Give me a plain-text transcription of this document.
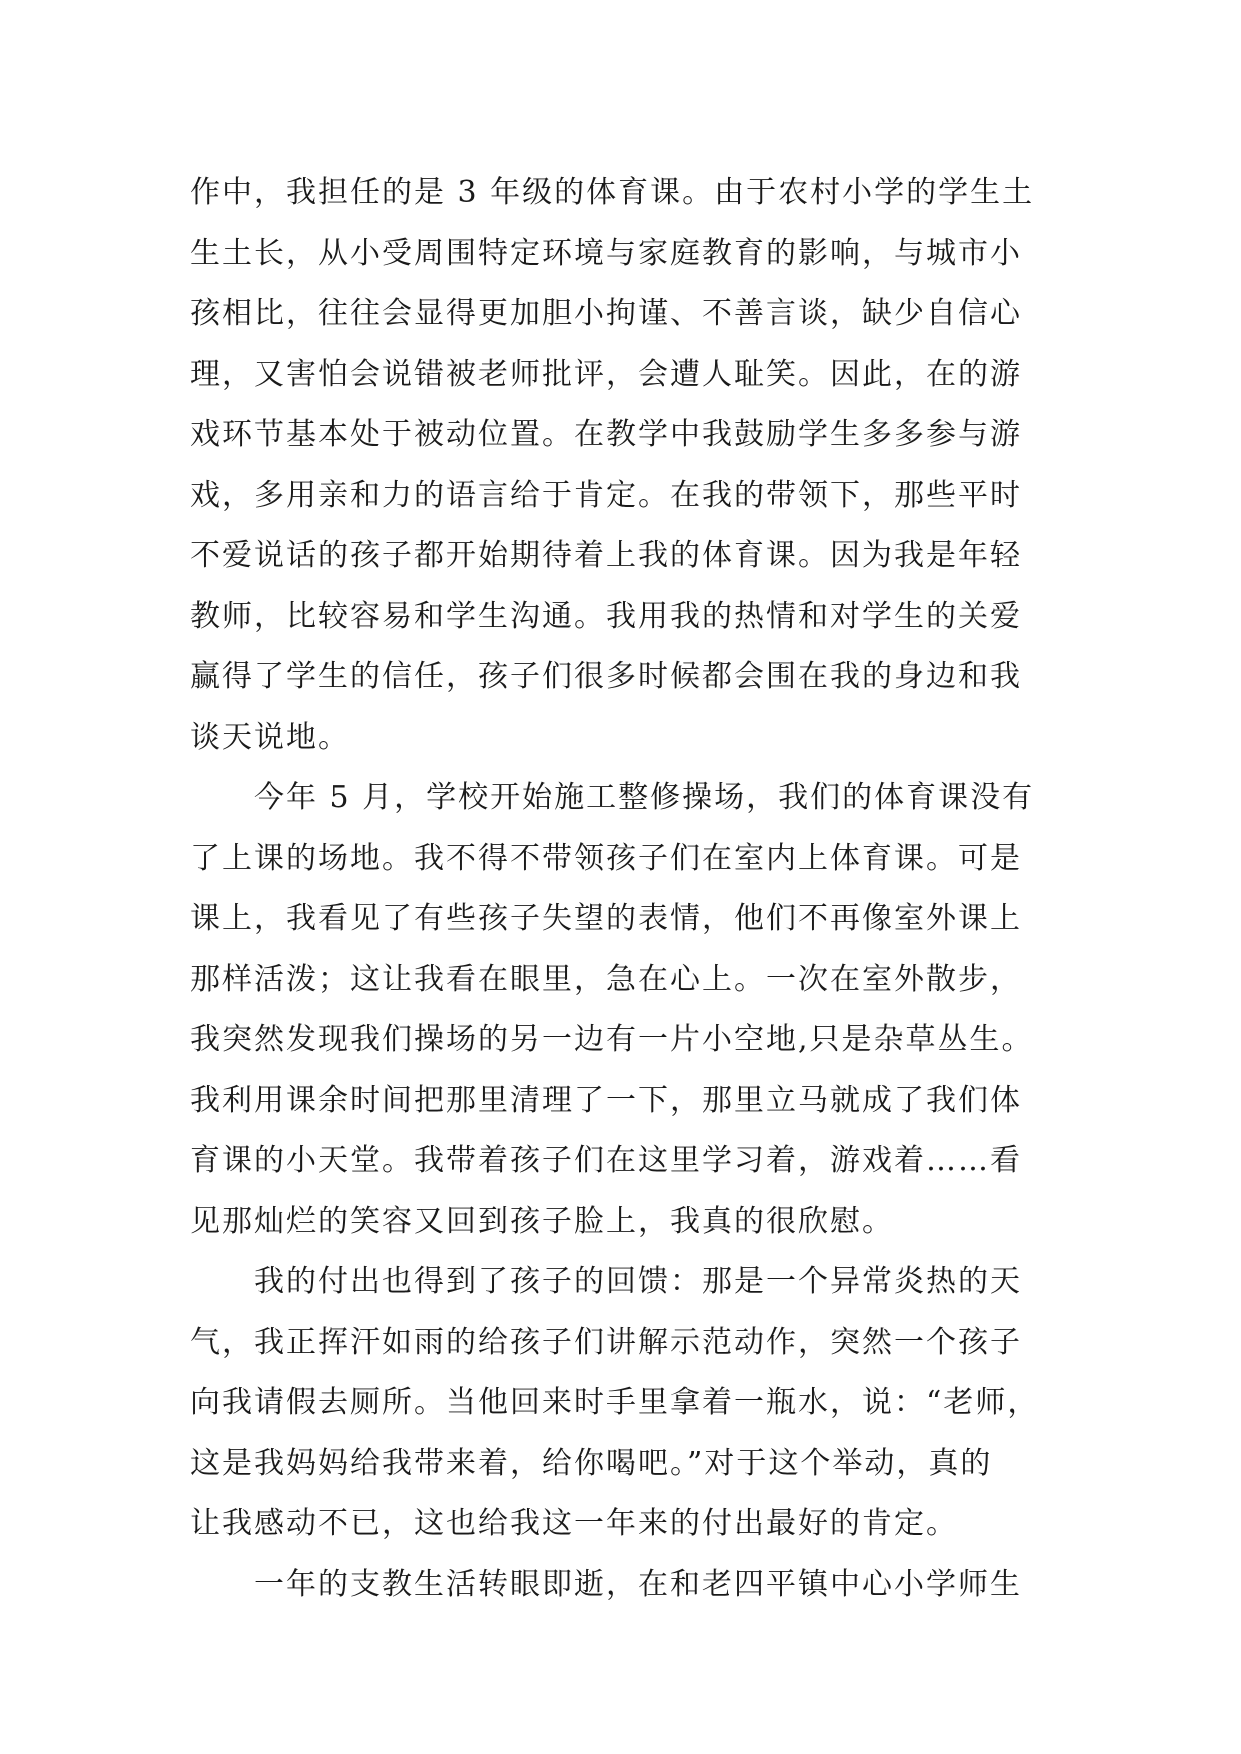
作中，我担任的是 3 年级的体育课。由于农村小学的学生土
生土长，从小受周围特定环境与家庭教育的影响，与城市小
孩相比，往往会显得更加胆小拘谨、不善言谈，缺少自信心
理，又害怕会说错被老师批评，会遭人耻笑。因此，在的游
戏环节基本处于被动位置。在教学中我鼓励学生多多参与游
戏，多用亲和力的语言给于肯定。在我的带领下，那些平时
不爱说话的孩子都开始期待着上我的体育课。因为我是年轻
教师，比较容易和学生沟通。我用我的热情和对学生的关爱
赢得了学生的信任，孩子们很多时候都会围在我的身边和我
谈天说地。
今年 5 月，学校开始施工整修操场，我们的体育课没有
了上课的场地。我不得不带领孩子们在室内上体育课。可是
课上，我看见了有些孩子失望的表情，他们不再像室外课上
那样活泼；这让我看在眼里，急在心上。一次在室外散步，
我突然发现我们操场的另一边有一片小空地,只是杂草丛生。
我利用课余时间把那里清理了一下，那里立马就成了我们体
育课的小天堂。我带着孩子们在这里学习着，游戏着……看
见那灿烂的笑容又回到孩子脸上，我真的很欣慰。
我的付出也得到了孩子的回馈：那是一个异常炎热的天
气，我正挥汗如雨的给孩子们讲解示范动作，突然一个孩子
向我请假去厕所。当他回来时手里拿着一瓶水，说：“老师，
这是我妈妈给我带来着，给你喝吧。”对于这个举动，真的
让我感动不已，这也给我这一年来的付出最好的肯定。
一年的支教生活转眼即逝，在和老四平镇中心小学师生
